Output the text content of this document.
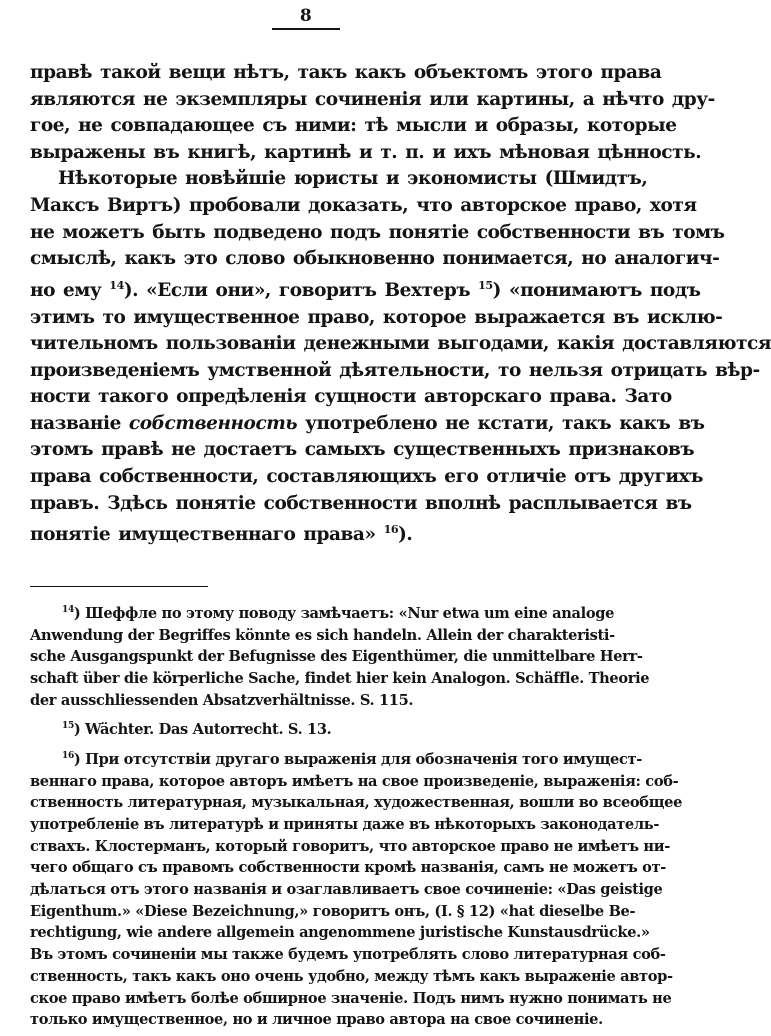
8
правѣ такой вещи нѣтъ, такъ какъ объектомъ этого права
являются не экземпляры сочиненія или картины, а нѣчто дру-
гое, не совпадающее съ ними: тѣ мысли и образы, которые
выражены въ книгѣ, картинѣ и т. п. и ихъ мѣновая цѣнность.
Нѣкоторые новѣйшіе юристы и экономисты (Шмидтъ,
Максъ Виртъ) пробовали доказать, что авторское право, хотя
не можетъ быть подведено подъ понятіе собственности въ томъ
смыслѣ, какъ это слово обыкновенно понимается, но аналогич-
но ему $^{14}$). «Если они», говоритъ Вехтеръ $^{15}$) «понимаютъ подъ
этимъ то имущественное право, которое выражается въ исклю-
чительномъ пользованіи денежными выгодами, какія доставляются
произведеніемъ умственной дѣятельности, то нельзя отрицать вѣр-
ности такого опредѣленія сущности авторскаго права. Зато
названіе собственность употреблено не кстати, такъ какъ въ
этомъ правѣ не достаетъ самыхъ существенныхъ признаковъ
права собственности, составляющихъ его отличіе отъ другихъ
правъ. Здѣсь понятіе собственности вполнѣ расплывается въ
понятіе имущественнаго права» $^{16}$).
$^{14}$) Шеффле по этому поводу замѣчаетъ: «Nur etwa um eine analoge
Anwendung der Begriffes könnte es sich handeln. Allein der charakteristi-
sche Ausgangspunkt der Befugnisse des Eigenthümer, die unmittelbare Herr-
schaft über die körperliche Sache, findet hier kein Analogon. Schäffle. Theorie
der ausschliessenden Absatzverhältnisse. S. 115.
$^{15}$) Wächter. Das Autorrecht. S. 13.
$^{16}$) При отсутствіи другаго выраженія для обозначенія того имущест-
веннаго права, которое авторъ имѣетъ на свое произведеніе, выраженія: соб-
ственность литературная, музыкальная, художественная, вошли во всеобщее
употребленіе въ литературѣ и приняты даже въ нѣкоторыхъ законодатель-
ствахъ. Клостерманъ, который говоритъ, что авторское право не имѣетъ ни-
чего общаго съ правомъ собственности кромѣ названія, самъ не можетъ от-
дѣлаться отъ этого названія и озаглавливаетъ свое сочиненіе: «Das geistige
Eigenthum.» «Diese Bezeichnung,» говоритъ онъ, (I. § 12) «hat dieselbe Be-
rechtigung, wie andere allgemein angenommene juristische Kunstausdrücke.»
Въ этомъ сочиненіи мы также будемъ употреблять слово литературная соб-
ственность, такъ какъ оно очень удобно, между тѣмъ какъ выраженіе автор-
ское право имѣетъ болѣе обширное значеніе. Подъ нимъ нужно понимать не
только имущественное, но и личное право автора на свое сочиненіе.
